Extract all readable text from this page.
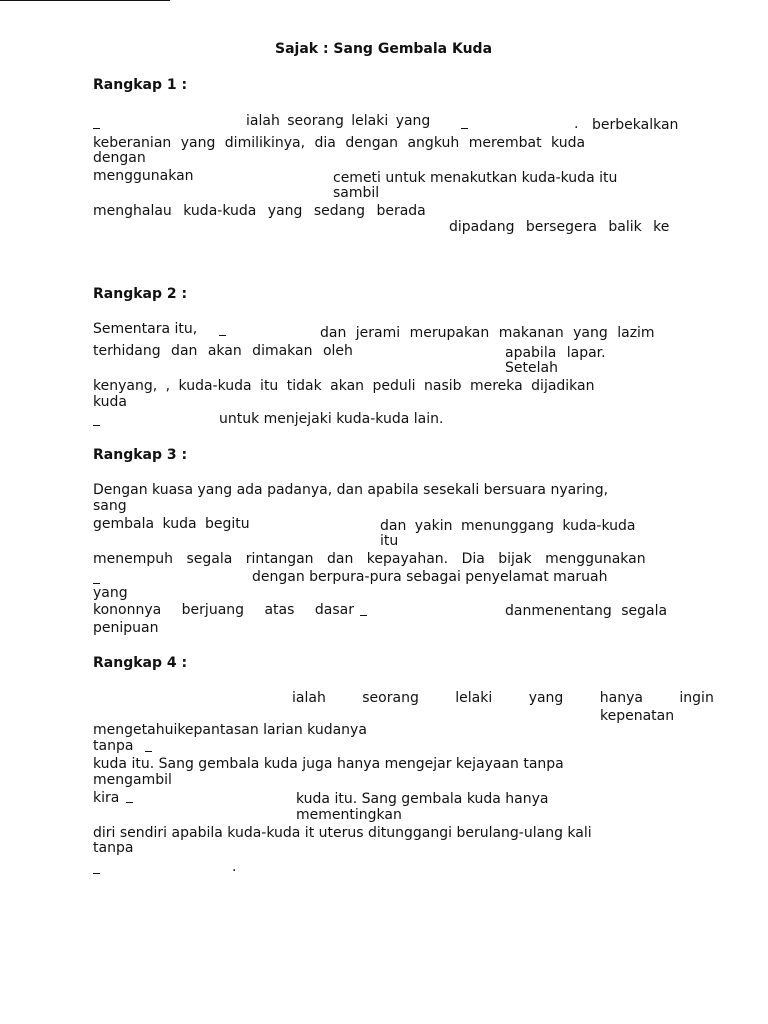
Sajak : Sang Gembala Kuda

Rangkap 1 :

ialah seorang lelaki yang	. berbekalkan

keberanian yang dimilikinya, dia dengan angkuh merembat kuda

dengan

menggunakan	cemeti untuk menakutkan kuda-kuda itu

sambil

menghalau kuda-kuda yang sedang berada

dipadang bersegera balik ke

Rangkap 2 :

Sementara itu,	dan jerami merupakan makanan yang lazim

terhidang dan akan dimakan oleh	apabila lapar.

Setelah

kenyang, , kuda-kuda itu tidak akan peduli nasib mereka dijadikan

kuda

untuk menjejaki kuda-kuda lain.

Rangkap 3 :

Dengan kuasa yang ada padanya, dan apabila sesekali bersuara nyaring,

sang

gembala kuda begitu	dan yakin menunggang kuda-kuda

itu

menempuh segala rintangan dan kepayahan. Dia bijak menggunakan

dengan berpura-pura sebagai penyelamat maruah

yang

kononnya berjuang atas dasar	danmenentang segala

penipuan

Rangkap 4 :

ialah seorang lelaki yang hanya ingin

kepenatan

mengetahuikepantasan larian kudanya

tanpa

kuda itu. Sang gembala kuda juga hanya mengejar kejayaan tanpa

mengambil

kira	kuda itu. Sang gembala kuda hanya

mementingkan

diri sendiri apabila kuda-kuda it uterus ditunggangi berulang-ulang kali

tanpa

.
